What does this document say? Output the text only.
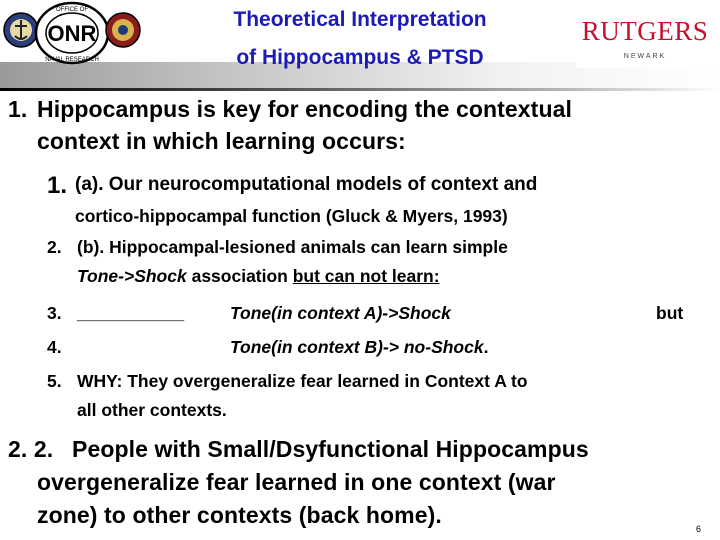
ONR
OFFICE OF
NAVAL RESEARCH
Theoretical Interpretation
of Hippocampus & PTSD
RUTGERS
NEWARK
1. Hippocampus is key for encoding the contextual
context in which learning occurs:
1. (a). Our neurocomputational models of context and
cortico-hippocampal function (Gluck & Myers, 1993)
2. (b). Hippocampal-lesioned animals can learn simple
Tone->Shock association but can not learn:
3. ___________	Tone(in context A)->Shock	but
4.	Tone(in context B)-> no-Shock.
5. WHY: They overgeneralize fear learned in Context A to
all other contexts.
2. 2. People with Small/Dsyfunctional Hippocampus
overgeneralize fear learned in one context (war
zone) to other contexts (back home).
6
